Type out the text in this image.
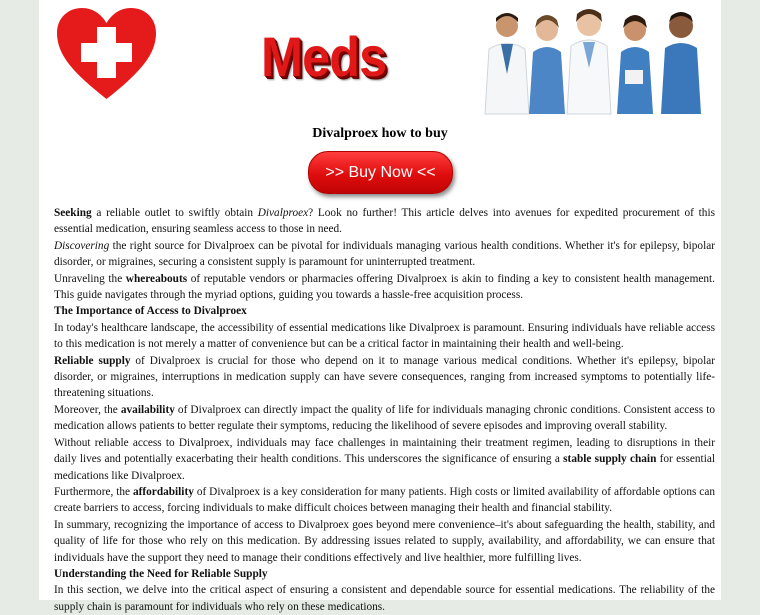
Meds
Divalproex how to buy
>> Buy Now <<

Seeking a reliable outlet to swiftly obtain Divalproex? Look no further! This article delves into avenues for expedited procurement of this essential medication, ensuring seamless access to those in need.

Discovering the right source for Divalproex can be pivotal for individuals managing various health conditions. Whether it's for epilepsy, bipolar disorder, or migraines, securing a consistent supply is paramount for uninterrupted treatment.

Unraveling the whereabouts of reputable vendors or pharmacies offering Divalproex is akin to finding a key to consistent health management. This guide navigates through the myriad options, guiding you towards a hassle-free acquisition process.

The Importance of Access to Divalproex

In today's healthcare landscape, the accessibility of essential medications like Divalproex is paramount. Ensuring individuals have reliable access to this medication is not merely a matter of convenience but can be a critical factor in maintaining their health and well-being.

Reliable supply of Divalproex is crucial for those who depend on it to manage various medical conditions. Whether it's epilepsy, bipolar disorder, or migraines, interruptions in medication supply can have severe consequences, ranging from increased symptoms to potentially life-threatening situations.

Moreover, the availability of Divalproex can directly impact the quality of life for individuals managing chronic conditions. Consistent access to medication allows patients to better regulate their symptoms, reducing the likelihood of severe episodes and improving overall stability.

Without reliable access to Divalproex, individuals may face challenges in maintaining their treatment regimen, leading to disruptions in their daily lives and potentially exacerbating their health conditions. This underscores the significance of ensuring a stable supply chain for essential medications like Divalproex.

Furthermore, the affordability of Divalproex is a key consideration for many patients. High costs or limited availability of affordable options can create barriers to access, forcing individuals to make difficult choices between managing their health and financial stability.

In summary, recognizing the importance of access to Divalproex goes beyond mere convenience–it's about safeguarding the health, stability, and quality of life for those who rely on this medication. By addressing issues related to supply, availability, and affordability, we can ensure that individuals have the support they need to manage their conditions effectively and live healthier, more fulfilling lives.

Understanding the Need for Reliable Supply

In this section, we delve into the critical aspect of ensuring a consistent and dependable source for essential medications. The reliability of the supply chain is paramount for individuals who rely on these medications.
